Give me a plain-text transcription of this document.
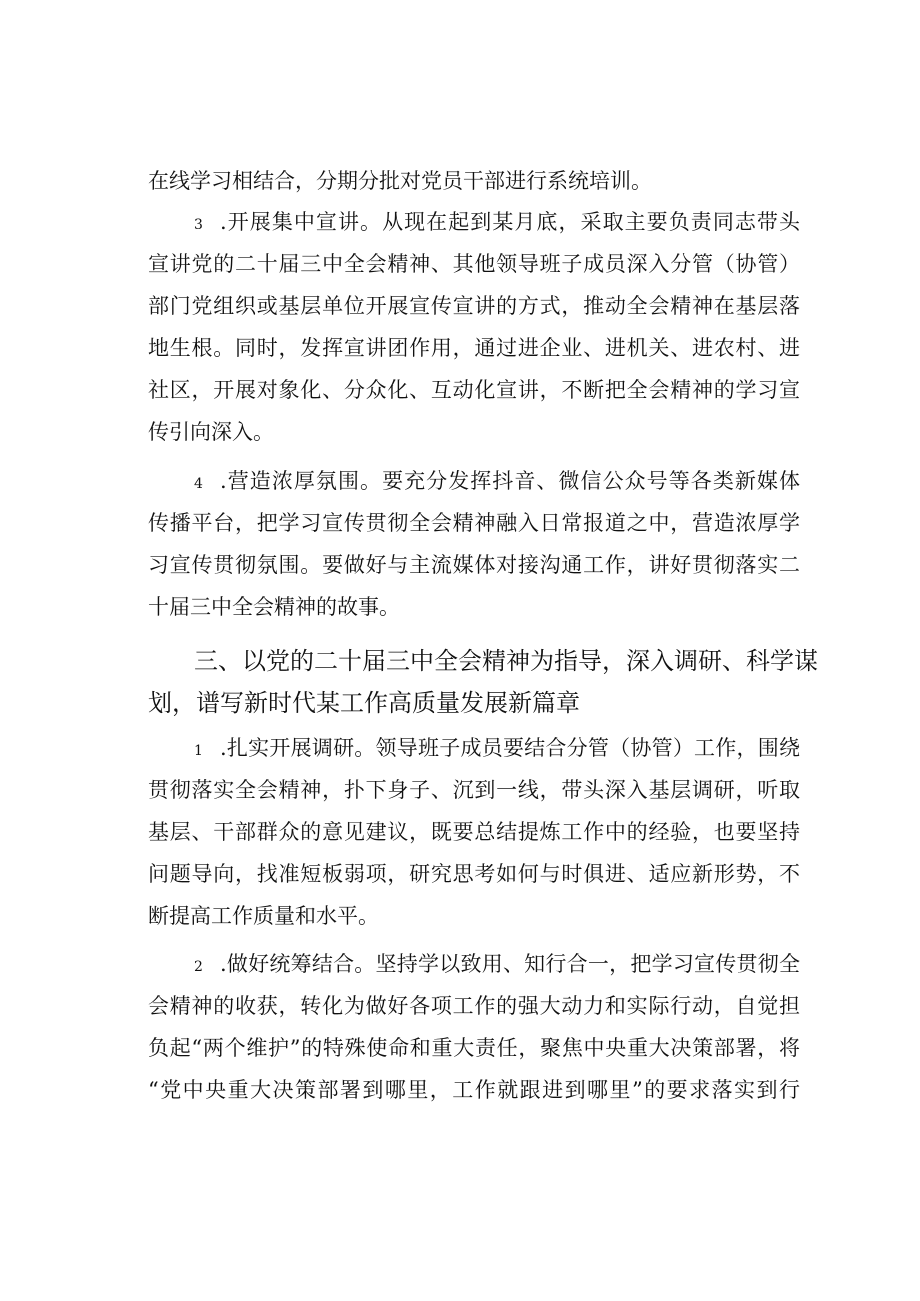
在线学习相结合，分期分批对党员干部进行系统培训。
3 .开展集中宣讲。从现在起到某月底，采取主要负责同志带头
宣讲党的二十届三中全会精神、其他领导班子成员深入分管（协管）
部门党组织或基层单位开展宣传宣讲的方式，推动全会精神在基层落
地生根。同时，发挥宣讲团作用，通过进企业、进机关、进农村、进
社区，开展对象化、分众化、互动化宣讲，不断把全会精神的学习宣
传引向深入。
4 .营造浓厚氛围。要充分发挥抖音、微信公众号等各类新媒体
传播平台，把学习宣传贯彻全会精神融入日常报道之中，营造浓厚学
习宣传贯彻氛围。要做好与主流媒体对接沟通工作，讲好贯彻落实二
十届三中全会精神的故事。
三、以党的二十届三中全会精神为指导，深入调研、科学谋
划，谱写新时代某工作高质量发展新篇章
1 .扎实开展调研。领导班子成员要结合分管（协管）工作，围绕
贯彻落实全会精神，扑下身子、沉到一线，带头深入基层调研，听取
基层、干部群众的意见建议，既要总结提炼工作中的经验，也要坚持
问题导向，找准短板弱项，研究思考如何与时俱进、适应新形势，不
断提高工作质量和水平。
2 .做好统筹结合。坚持学以致用、知行合一，把学习宣传贯彻全
会精神的收获，转化为做好各项工作的强大动力和实际行动，自觉担
负起“两个维护”的特殊使命和重大责任，聚焦中央重大决策部署，将
“党中央重大决策部署到哪里，工作就跟进到哪里”的要求落实到行
